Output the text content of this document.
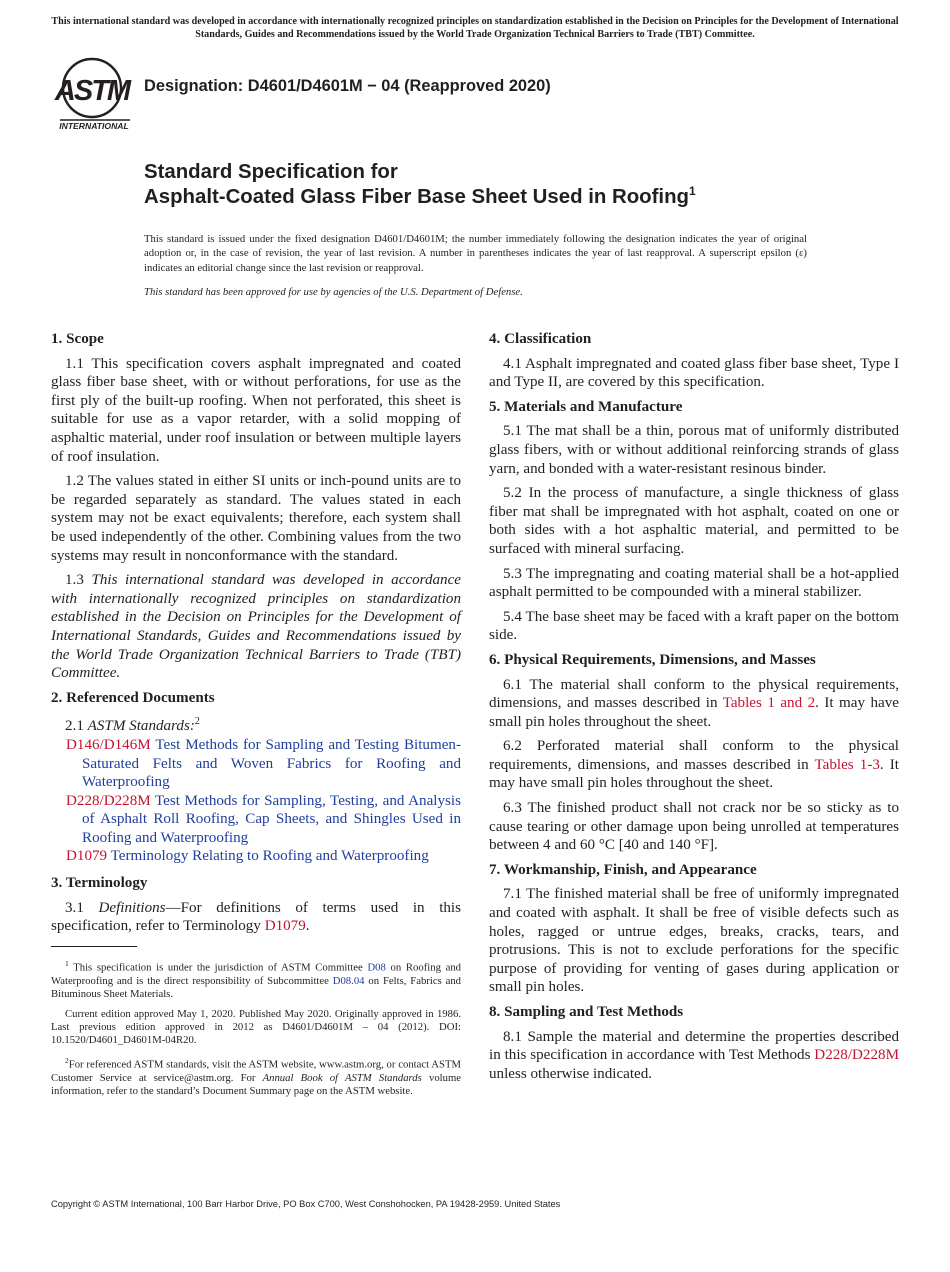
This international standard was developed in accordance with internationally recognized principles on standardization established in the Decision on Principles for the Development of International Standards, Guides and Recommendations issued by the World Trade Organization Technical Barriers to Trade (TBT) Committee.
ASTM
INTERNATIONAL
Designation: D4601/D4601M − 04 (Reapproved 2020)
Standard Specification for
Asphalt-Coated Glass Fiber Base Sheet Used in Roofing$^1$

This standard is issued under the fixed designation D4601/D4601M; the number immediately following the designation indicates the year of original adoption or, in the case of revision, the year of last revision. A number in parentheses indicates the year of last reapproval. A superscript epsilon (ε) indicates an editorial change since the last revision or reapproval.

This standard has been approved for use by agencies of the U.S. Department of Defense.

1. Scope

1.1 This specification covers asphalt impregnated and coated glass fiber base sheet, with or without perforations, for use as the first ply of the built-up roofing. When not perforated, this sheet is suitable for use as a vapor retarder, with a solid mopping of asphaltic material, under roof insulation or between multiple layers of roof insulation.

1.2 The values stated in either SI units or inch-pound units are to be regarded separately as standard. The values stated in each system may not be exact equivalents; therefore, each system shall be used independently of the other. Combining values from the two systems may result in nonconformance with the standard.

1.3 This international standard was developed in accordance with internationally recognized principles on standardization established in the Decision on Principles for the Development of International Standards, Guides and Recommendations issued by the World Trade Organization Technical Barriers to Trade (TBT) Committee.

2. Referenced Documents

2.1 ASTM Standards:$^2$

D146/D146M Test Methods for Sampling and Testing Bitumen-Saturated Felts and Woven Fabrics for Roofing and Waterproofing
D228/D228M Test Methods for Sampling, Testing, and Analysis of Asphalt Roll Roofing, Cap Sheets, and Shingles Used in Roofing and Waterproofing
D1079 Terminology Relating to Roofing and Waterproofing
3. Terminology

3.1 Definitions—For definitions of terms used in this specification, refer to Terminology D1079.

$^1$ This specification is under the jurisdiction of ASTM Committee D08 on Roofing and Waterproofing and is the direct responsibility of Subcommittee D08.04 on Felts, Fabrics and Bituminous Sheet Materials.

Current edition approved May 1, 2020. Published May 2020. Originally approved in 1986. Last previous edition approved in 2012 as D4601/D4601M – 04 (2012). DOI: 10.1520/D4601_D4601M-04R20.

$^2$For referenced ASTM standards, visit the ASTM website, www.astm.org, or contact ASTM Customer Service at service@astm.org. For Annual Book of ASTM Standards volume information, refer to the standard’s Document Summary page on the ASTM website.

4. Classification

4.1 Asphalt impregnated and coated glass fiber base sheet, Type I and Type II, are covered by this specification.

5. Materials and Manufacture

5.1 The mat shall be a thin, porous mat of uniformly distributed glass fibers, with or without additional reinforcing strands of glass yarn, and bonded with a water-resistant resinous binder.

5.2 In the process of manufacture, a single thickness of glass fiber mat shall be impregnated with hot asphalt, coated on one or both sides with a hot asphaltic material, and permitted to be surfaced with mineral surfacing.

5.3 The impregnating and coating material shall be a hot-applied asphalt permitted to be compounded with a mineral stabilizer.

5.4 The base sheet may be faced with a kraft paper on the bottom side.

6. Physical Requirements, Dimensions, and Masses

6.1 The material shall conform to the physical requirements, dimensions, and masses described in Tables 1 and 2. It may have small pin holes throughout the sheet.

6.2 Perforated material shall conform to the physical requirements, dimensions, and masses described in Tables 1-3. It may have small pin holes throughout the sheet.

6.3 The finished product shall not crack nor be so sticky as to cause tearing or other damage upon being unrolled at temperatures between 4 and 60 °C [40 and 140 °F].

7. Workmanship, Finish, and Appearance

7.1 The finished material shall be free of uniformly impregnated and coated with asphalt. It shall be free of visible defects such as holes, ragged or untrue edges, breaks, cracks, tears, and protrusions. This is not to exclude perforations for the specific purpose of providing for venting of gases during application or small pin holes.

8. Sampling and Test Methods

8.1 Sample the material and determine the properties described in this specification in accordance with Test Methods D228/D228M unless otherwise indicated.

Copyright © ASTM International, 100 Barr Harbor Drive, PO Box C700, West Conshohocken, PA 19428-2959. United States
